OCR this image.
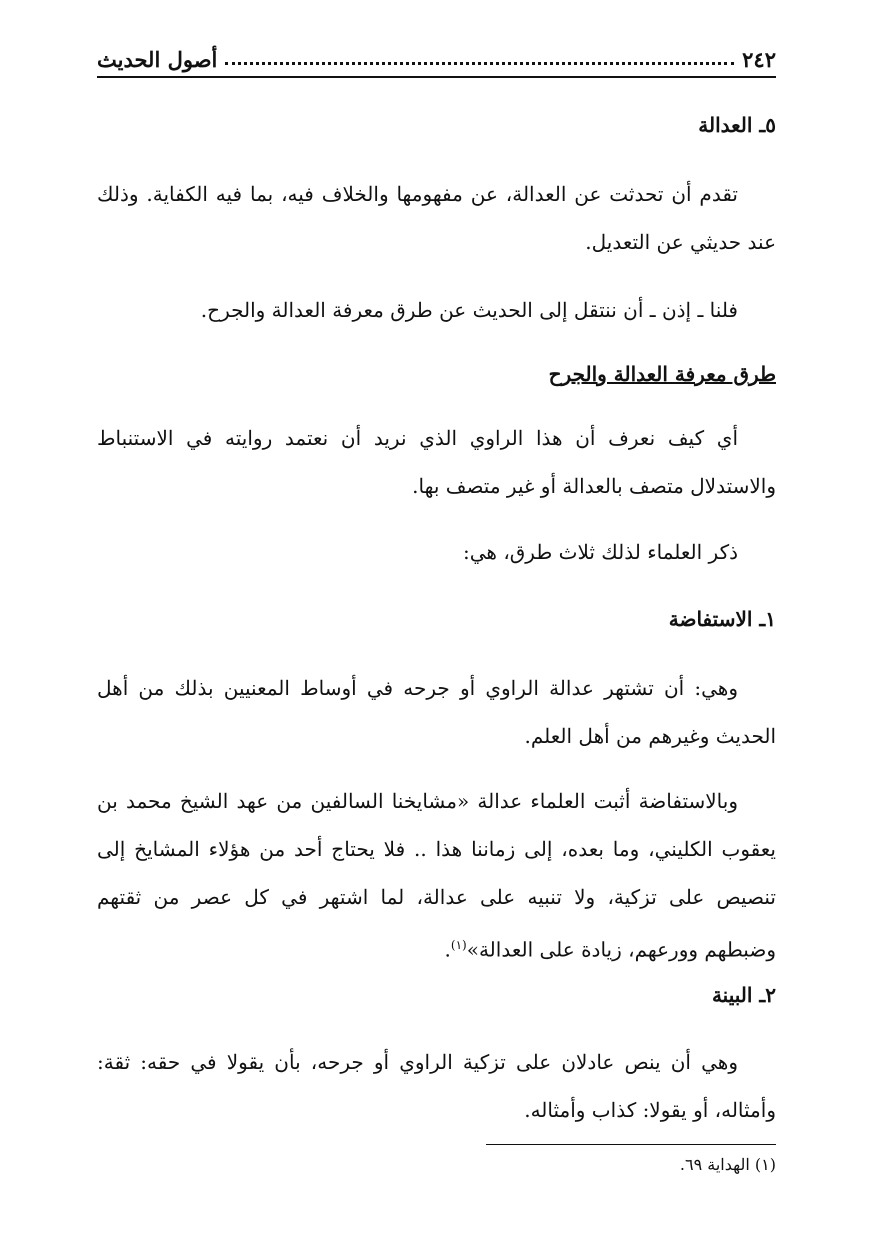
٢٤٢
أصول الحديث
٥ـ العدالة
تقدم أن تحدثت عن العدالة، عن مفهومها والخلاف فيه، بما فيه الكفاية. وذلك عند حديثي عن التعديل.
فلنا ـ إذن ـ أن ننتقل إلى الحديث عن طرق معرفة العدالة والجرح.
طرق معرفة العدالة والجرح
أي كيف نعرف أن هذا الراوي الذي نريد أن نعتمد روايته في الاستنباط والاستدلال متصف بالعدالة أو غير متصف بها.
ذكر العلماء لذلك ثلاث طرق، هي:
١ـ الاستفاضة
وهي: أن تشتهر عدالة الراوي أو جرحه في أوساط المعنيين بذلك من أهل الحديث وغيرهم من أهل العلم.
وبالاستفاضة أثبت العلماء عدالة «مشايخنا السالفين من عهد الشيخ محمد بن يعقوب الكليني، وما بعده، إلى زماننا هذا .. فلا يحتاج أحد من هؤلاء المشايخ إلى تنصيص على تزكية، ولا تنبيه على عدالة، لما اشتهر في كل عصر من ثقتهم وضبطهم وورعهم، زيادة على العدالة»$^{(١)}$.
٢ـ البينة
وهي أن ينص عادلان على تزكية الراوي أو جرحه، بأن يقولا في حقه: ثقة: وأمثاله، أو يقولا: كذاب وأمثاله.
(١) الهداية ٦٩.
